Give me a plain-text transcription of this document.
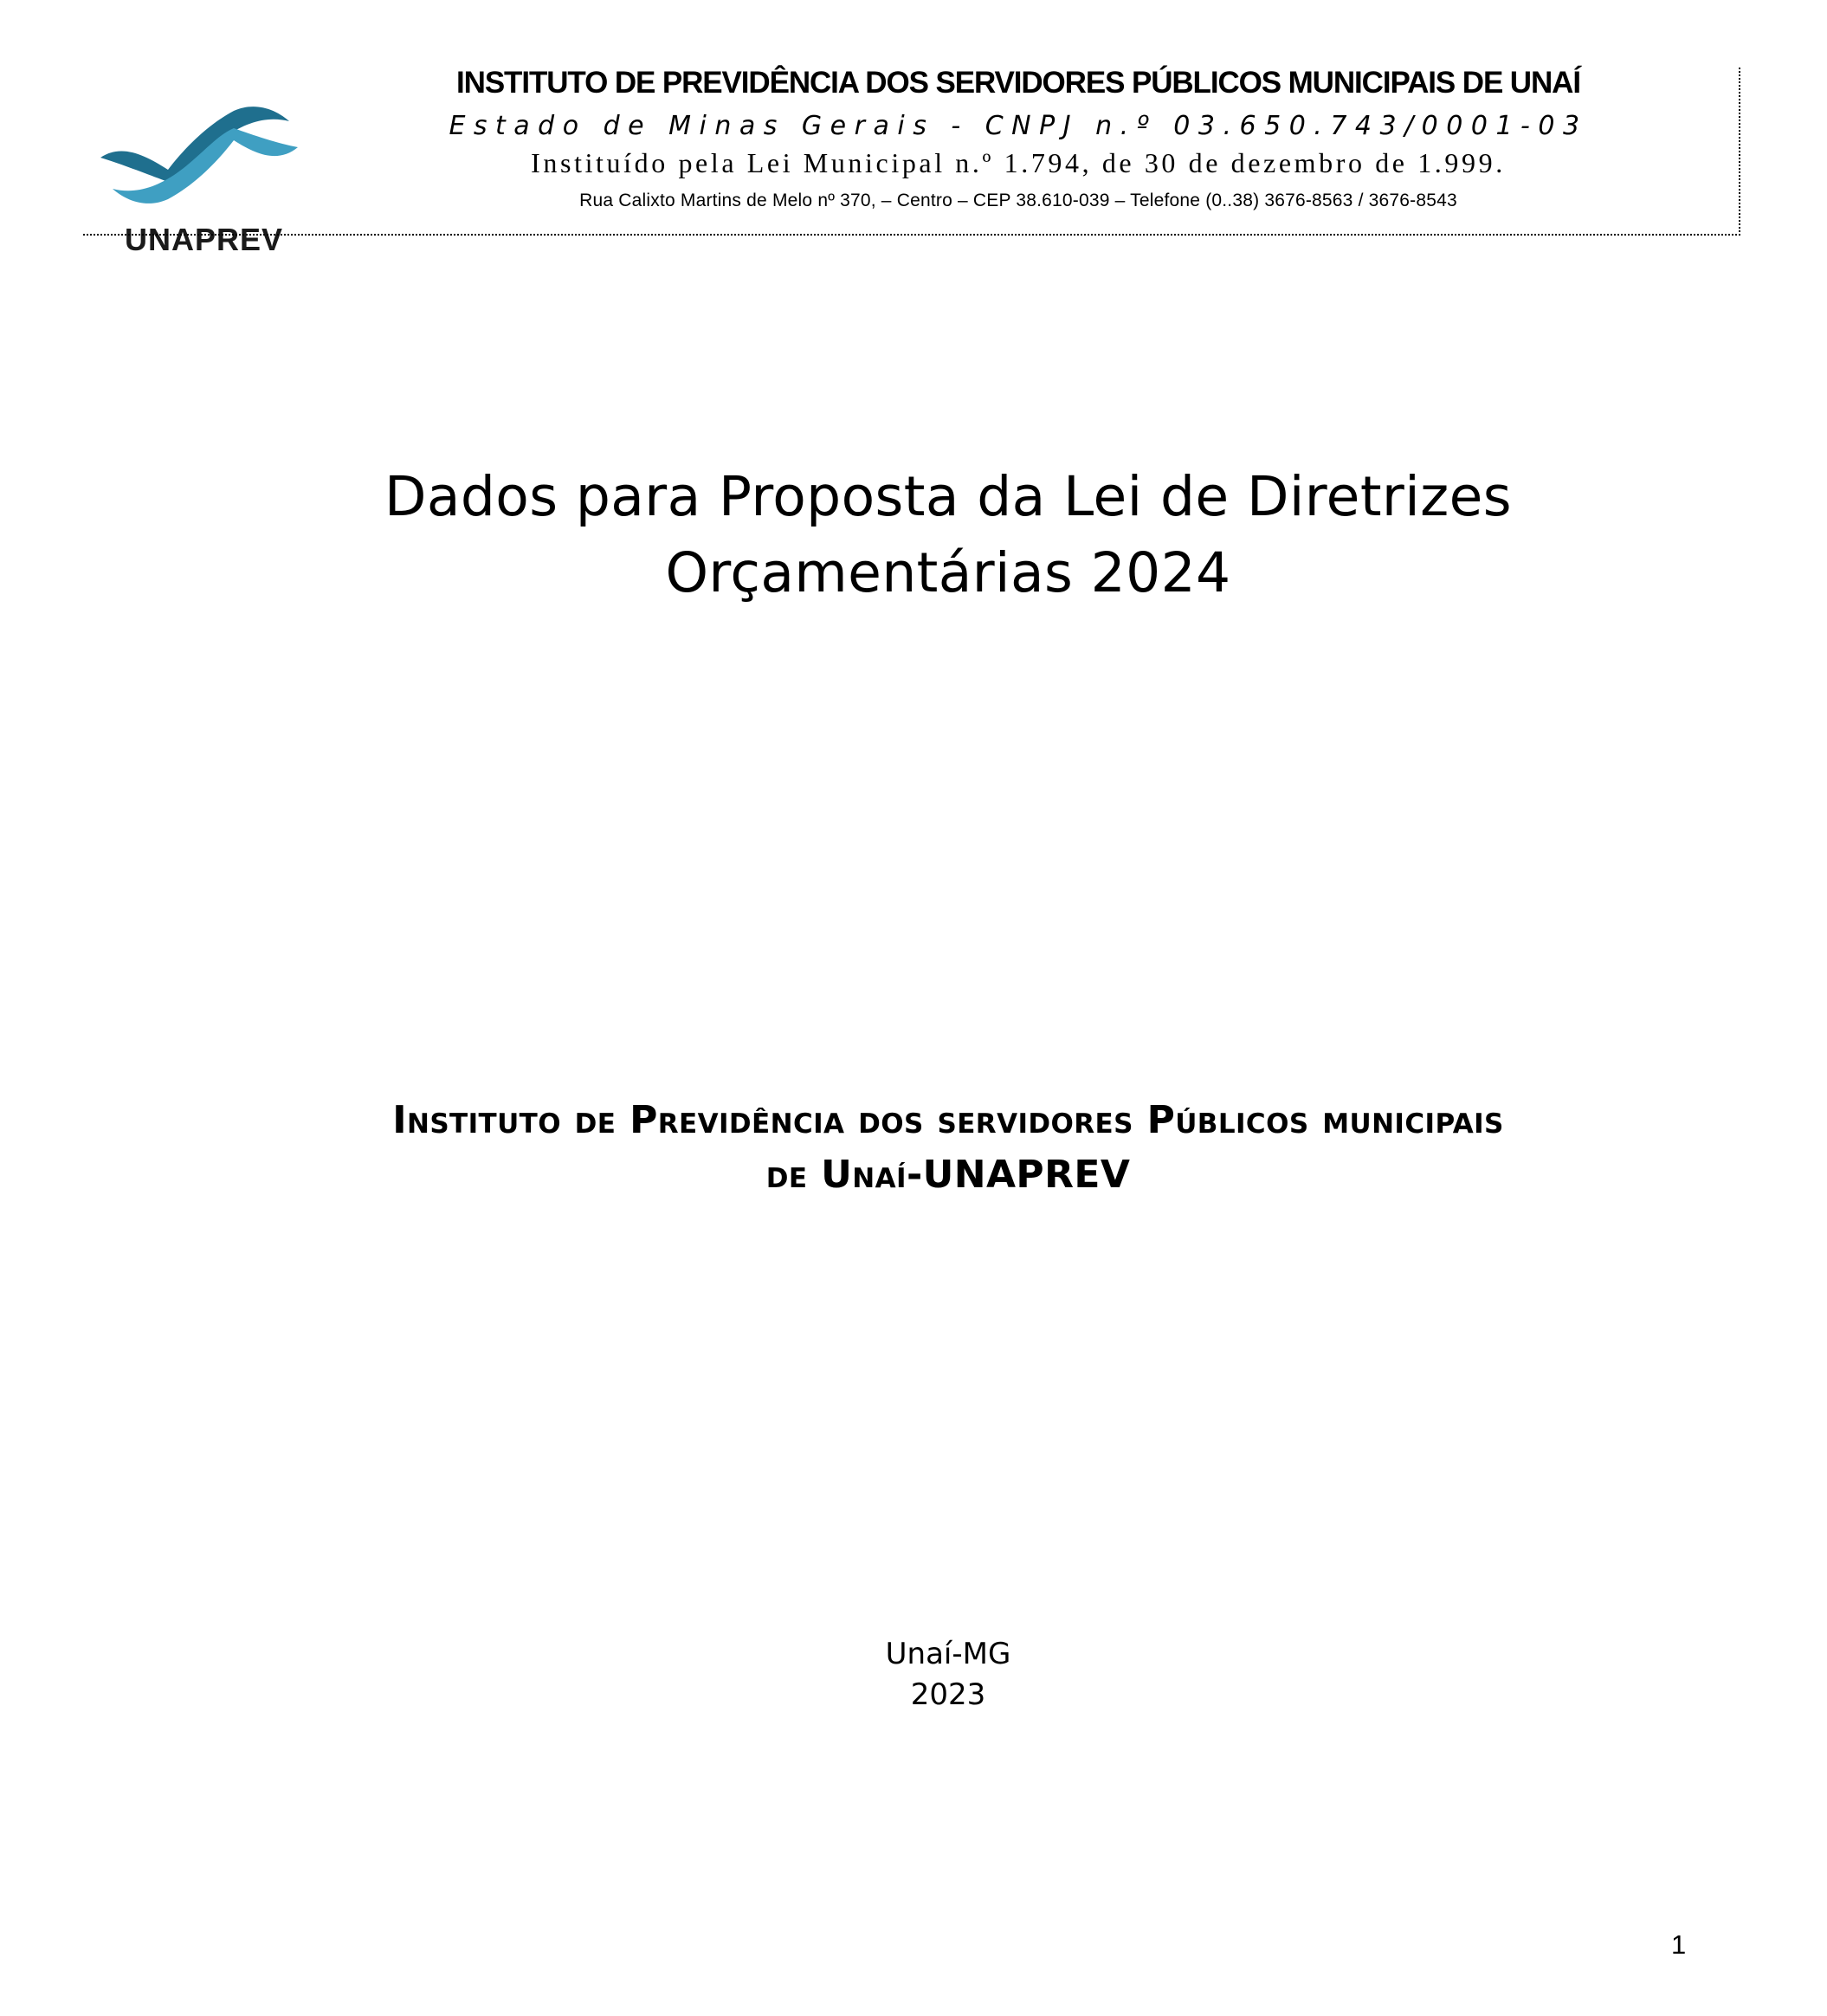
UNAPREV
INSTITUTO DE PREVIDÊNCIA DOS SERVIDORES PÚBLICOS MUNICIPAIS DE UNAÍ
Estado de Minas Gerais - CNPJ n.º 03.650.743/0001-03
Instituído pela Lei Municipal n.º 1.794, de 30 de dezembro de 1.999.
Rua Calixto Martins de Melo nº 370, – Centro – CEP 38.610-039 – Telefone (0..38) 3676-8563 / 3676-8543
Dados para Proposta da Lei de Diretrizes
Orçamentárias 2024
Instituto de Previdência dos servidores Públicos municipais
de Unaí-UNAPREV
Unaí-MG
2023
1
